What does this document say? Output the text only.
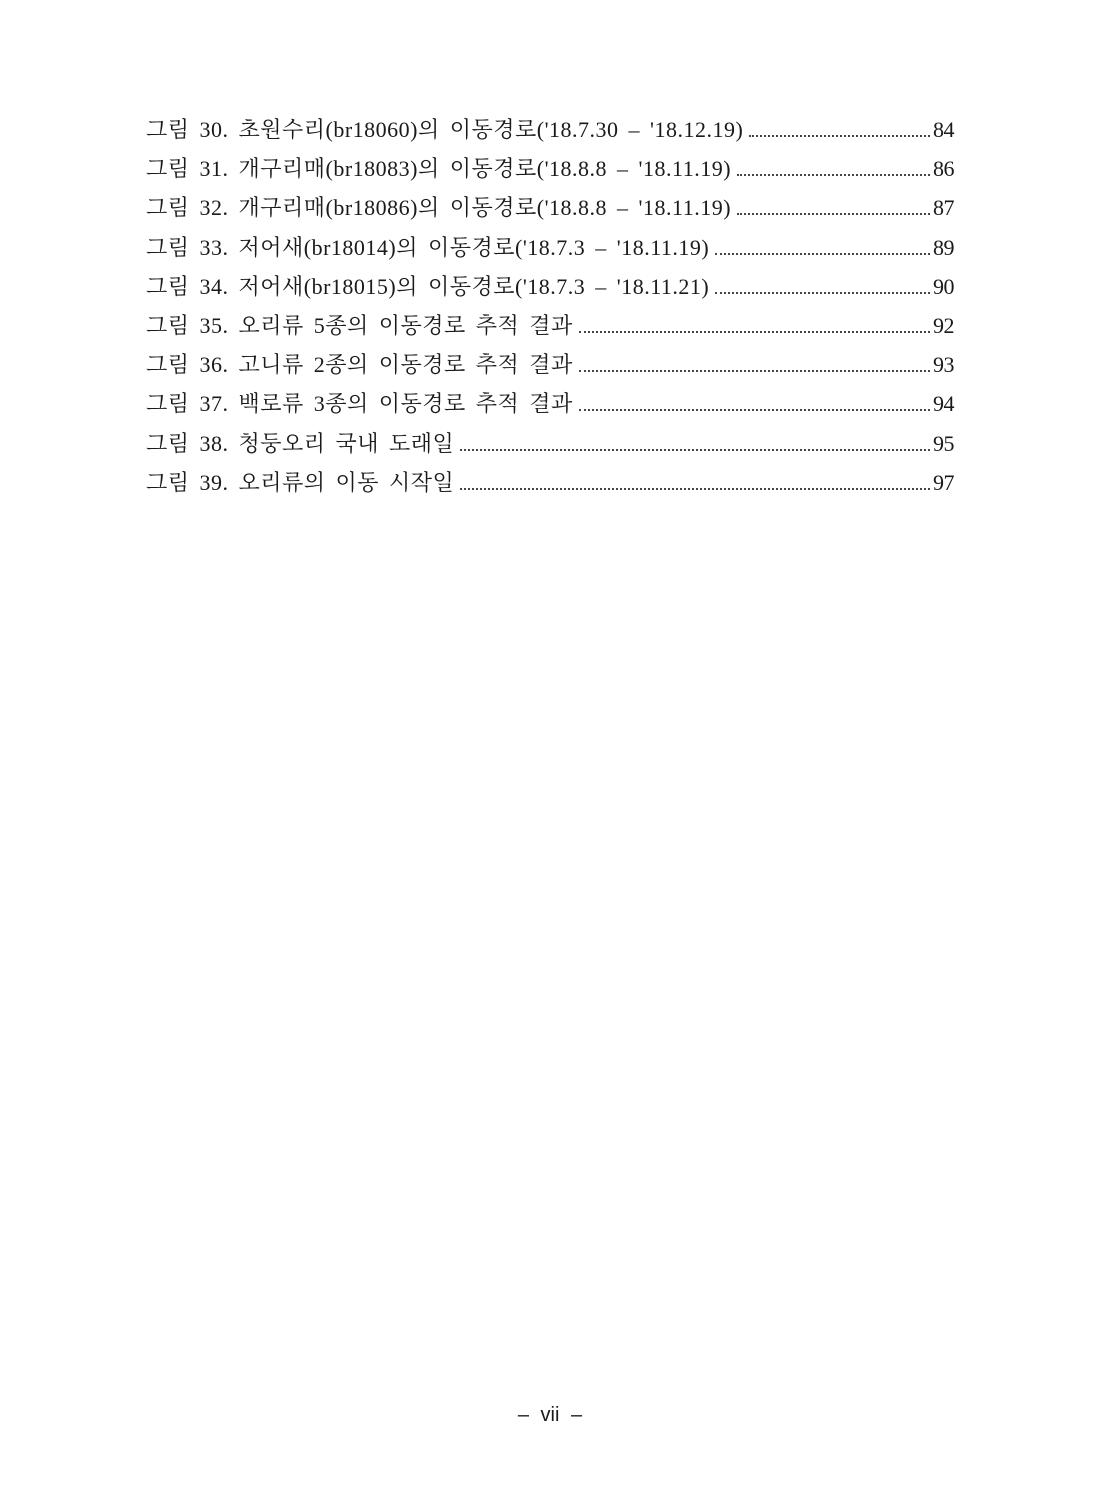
그림 30. 초원수리(br18060)의 이동경로('18.7.30 – '18.12.19)	84
그림 31. 개구리매(br18083)의 이동경로('18.8.8 – '18.11.19)	86
그림 32. 개구리매(br18086)의 이동경로('18.8.8 – '18.11.19)	87
그림 33. 저어새(br18014)의 이동경로('18.7.3 – '18.11.19)	89
그림 34. 저어새(br18015)의 이동경로('18.7.3 – '18.11.21)	90
그림 35. 오리류 5종의 이동경로 추적 결과	92
그림 36. 고니류 2종의 이동경로 추적 결과	93
그림 37. 백로류 3종의 이동경로 추적 결과	94
그림 38. 청둥오리 국내 도래일	95
그림 39. 오리류의 이동 시작일	97
– vii –
